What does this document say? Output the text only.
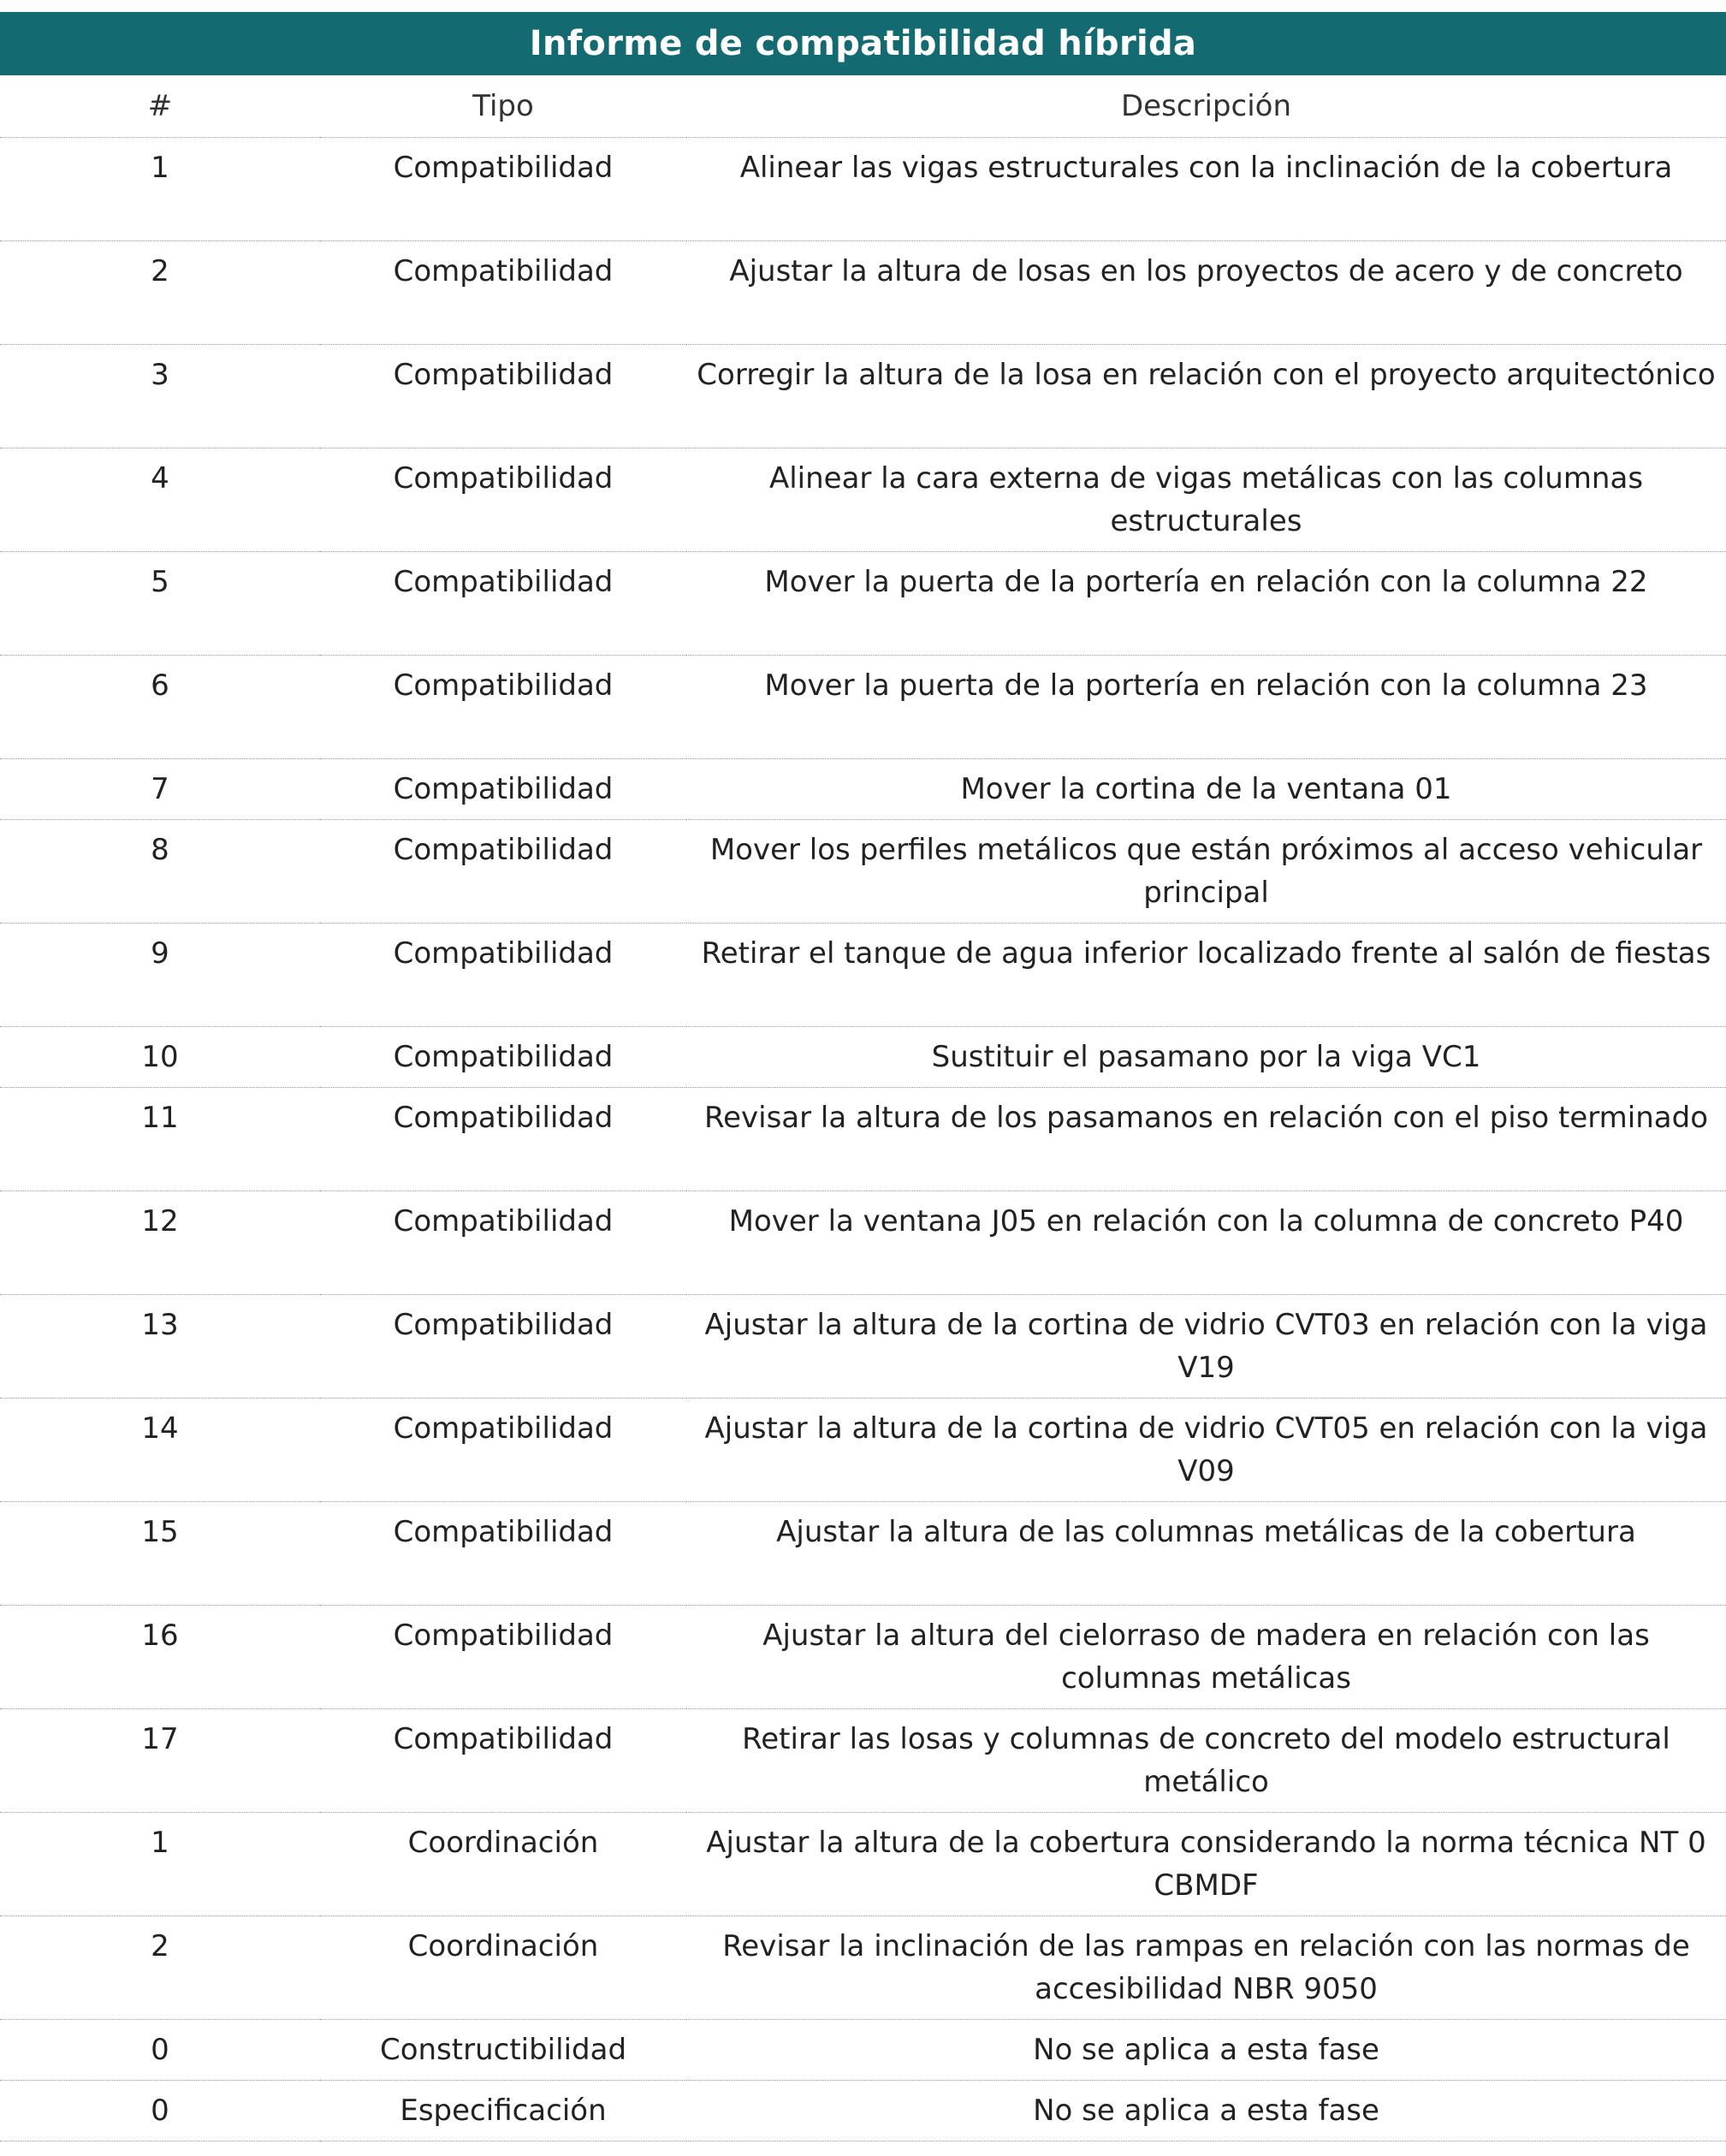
Informe de compatibilidad híbrida
#	Tipo	Descripción

1	Compatibilidad	Alinear las vigas estructurales con la inclinación de la cobertura

2	Compatibilidad	Ajustar la altura de losas en los proyectos de acero y de concreto

3	Compatibilidad	Corregir la altura de la losa en relación con el proyecto arquitectónico

4	Compatibilidad	Alinear la cara externa de vigas metálicas con las columnas estructurales

5	Compatibilidad	Mover la puerta de la portería en relación con la columna 22

6	Compatibilidad	Mover la puerta de la portería en relación con la columna 23

7	Compatibilidad	Mover la cortina de la ventana 01

8	Compatibilidad	Mover los perfiles metálicos que están próximos al acceso vehicular principal

9	Compatibilidad	Retirar el tanque de agua inferior localizado frente al salón de fiestas

10	Compatibilidad	Sustituir el pasamano por la viga VC1

11	Compatibilidad	Revisar la altura de los pasamanos en relación con el piso terminado

12	Compatibilidad	Mover la ventana J05 en relación con la columna de concreto P40

13	Compatibilidad	Ajustar la altura de la cortina de vidrio CVT03 en relación con la viga V19

14	Compatibilidad	Ajustar la altura de la cortina de vidrio CVT05 en relación con la viga V09

15	Compatibilidad	Ajustar la altura de las columnas metálicas de la cobertura

16	Compatibilidad	Ajustar la altura del cielorraso de madera en relación con las columnas metálicas

17	Compatibilidad	Retirar las losas y columnas de concreto del modelo estructural metálico

1	Coordinación	Ajustar la altura de la cobertura considerando la norma técnica NT 0 CBMDF

2	Coordinación	Revisar la inclinación de las rampas en relación con las normas de accesibilidad NBR 9050

0	Constructibilidad	No se aplica a esta fase

0	Especificación	No se aplica a esta fase
